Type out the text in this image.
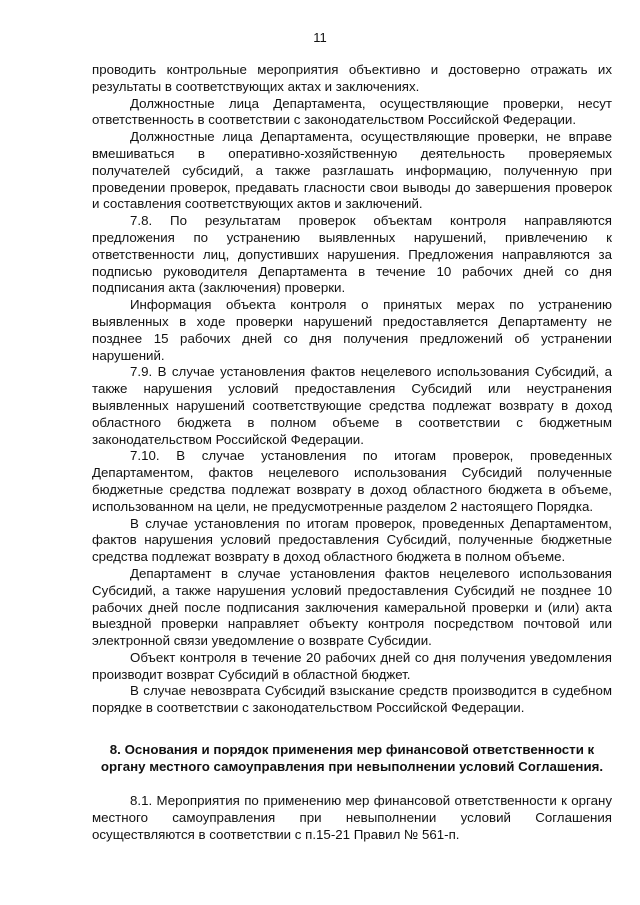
11

проводить контрольные мероприятия объективно и достоверно отражать их результаты в соответствующих актах и заключениях.

Должностные лица Департамента, осуществляющие проверки, несут ответственность в соответствии с законодательством Российской Федерации.

Должностные лица Департамента, осуществляющие проверки, не вправе вмешиваться в оперативно-хозяйственную деятельность проверяемых получателей субсидий, а также разглашать информацию, полученную при проведении проверок, предавать гласности свои выводы до завершения проверок и составления соответствующих актов и заключений.

7.8. По результатам проверок объектам контроля направляются предложения по устранению выявленных нарушений, привлечению к ответственности лиц, допустивших нарушения. Предложения направляются за подписью руководителя Департамента в течение 10 рабочих дней со дня подписания акта (заключения) проверки.

Информация объекта контроля о принятых мерах по устранению выявленных в ходе проверки нарушений предоставляется Департаменту не позднее 15 рабочих дней со дня получения предложений об устранении нарушений.

7.9. В случае установления фактов нецелевого использования Субсидий, а также нарушения условий предоставления Субсидий или неустранения выявленных нарушений соответствующие средства подлежат возврату в доход областного бюджета в полном объеме в соответствии с бюджетным законодательством Российской Федерации.

7.10. В случае установления по итогам проверок, проведенных Департаментом, фактов нецелевого использования Субсидий полученные бюджетные средства подлежат возврату в доход областного бюджета в объеме, использованном на цели, не предусмотренные разделом 2 настоящего Порядка.

В случае установления по итогам проверок, проведенных Департаментом, фактов нарушения условий предоставления Субсидий, полученные бюджетные средства подлежат возврату в доход областного бюджета в полном объеме.

Департамент в случае установления фактов нецелевого использования Субсидий, а также нарушения условий предоставления Субсидий не позднее 10 рабочих дней после подписания заключения камеральной проверки и (или) акта выездной проверки направляет объекту контроля посредством почтовой или электронной связи уведомление о возврате Субсидии.

Объект контроля в течение 20 рабочих дней со дня получения уведомления производит возврат Субсидий в областной бюджет.

В случае невозврата Субсидий взыскание средств производится в судебном порядке в соответствии с законодательством Российской Федерации.

8. Основания и порядок применения мер финансовой ответственности к органу местного самоуправления при невыполнении условий Соглашения.

8.1. Мероприятия по применению мер финансовой ответственности к органу местного самоуправления при невыполнении условий Соглашения осуществляются в соответствии с п.15-21 Правил № 561-п.
